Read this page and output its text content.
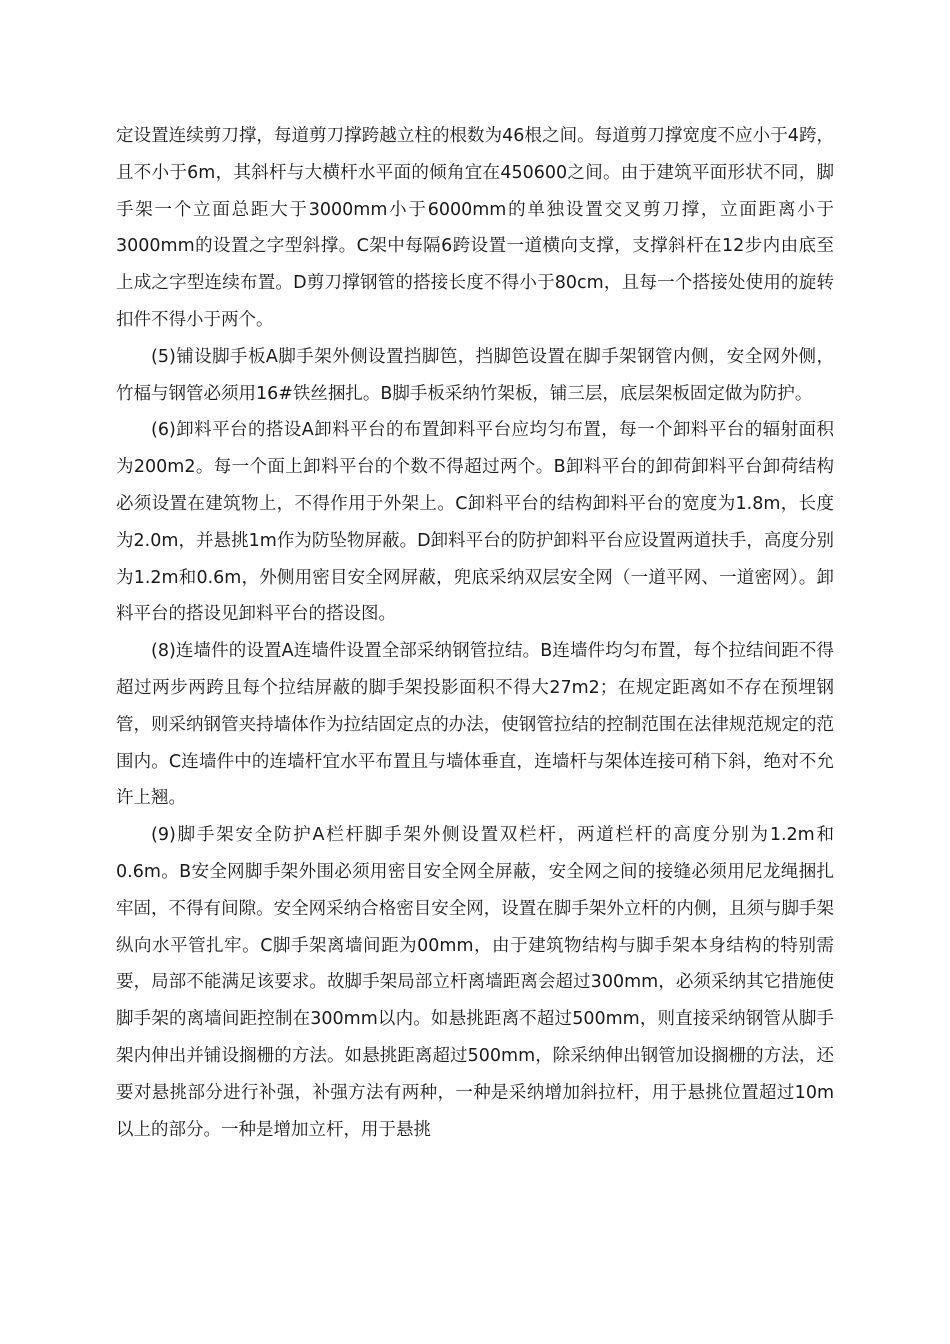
定设置连续剪刀撑，每道剪刀撑跨越立柱的根数为46根之间。每道剪刀撑宽度不应小于4跨，且不小于6m，其斜杆与大横杆水平面的倾角宜在450600之间。由于建筑平面形状不同，脚手架一个立面总距大于3000mm小于6000mm的单独设置交叉剪刀撑，立面距离小于3000mm的设置之字型斜撑。C架中每隔6跨设置一道横向支撑，支撑斜杆在12步内由底至上成之字型连续布置。D剪刀撑钢管的搭接长度不得小于80cm，且每一个搭接处使用的旋转扣件不得小于两个。

(5)铺设脚手板A脚手架外侧设置挡脚笆，挡脚笆设置在脚手架钢管内侧，安全网外侧，竹楅与钢管必须用16#铁丝捆扎。B脚手板采纳竹架板，铺三层，底层架板固定做为防护。

(6)卸料平台的搭设A卸料平台的布置卸料平台应均匀布置，每一个卸料平台的辐射面积为200m2。每一个面上卸料平台的个数不得超过两个。B卸料平台的卸荷卸料平台卸荷结构必须设置在建筑物上，不得作用于外架上。C卸料平台的结构卸料平台的宽度为1.8m，长度为2.0m，并悬挑1m作为防坠物屏蔽。D卸料平台的防护卸料平台应设置两道扶手，高度分别为1.2m和0.6m，外侧用密目安全网屏蔽，兜底采纳双层安全网（一道平网、一道密网）。卸料平台的搭设见卸料平台的搭设图。

(8)连墙件的设置A连墙件设置全部采纳钢管拉结。B连墙件均匀布置，每个拉结间距不得超过两步两跨且每个拉结屏蔽的脚手架投影面积不得大27m2；在规定距离如不存在预埋钢管，则采纳钢管夹持墙体作为拉结固定点的办法，使钢管拉结的控制范围在法律规范规定的范围内。C连墙件中的连墙杆宜水平布置且与墙体垂直，连墙杆与架体连接可稍下斜，绝对不允许上翘。

(9)脚手架安全防护A栏杆脚手架外侧设置双栏杆，两道栏杆的高度分别为1.2m和0.6m。B安全网脚手架外围必须用密目安全网全屏蔽，安全网之间的接缝必须用尼龙绳捆扎牢固，不得有间隙。安全网采纳合格密目安全网，设置在脚手架外立杆的内侧，且须与脚手架纵向水平管扎牢。C脚手架离墙间距为00mm，由于建筑物结构与脚手架本身结构的特别需要，局部不能满足该要求。故脚手架局部立杆离墙距离会超过300mm，必须采纳其它措施使脚手架的离墙间距控制在300mm以内。如悬挑距离不超过500mm，则直接采纳钢管从脚手架内伸出并铺设搁栅的方法。如悬挑距离超过500mm，除采纳伸出钢管加设搁栅的方法，还要对悬挑部分进行补强，补强方法有两种，一种是采纳增加斜拉杆，用于悬挑位置超过10m以上的部分。一种是增加立杆，用于悬挑
